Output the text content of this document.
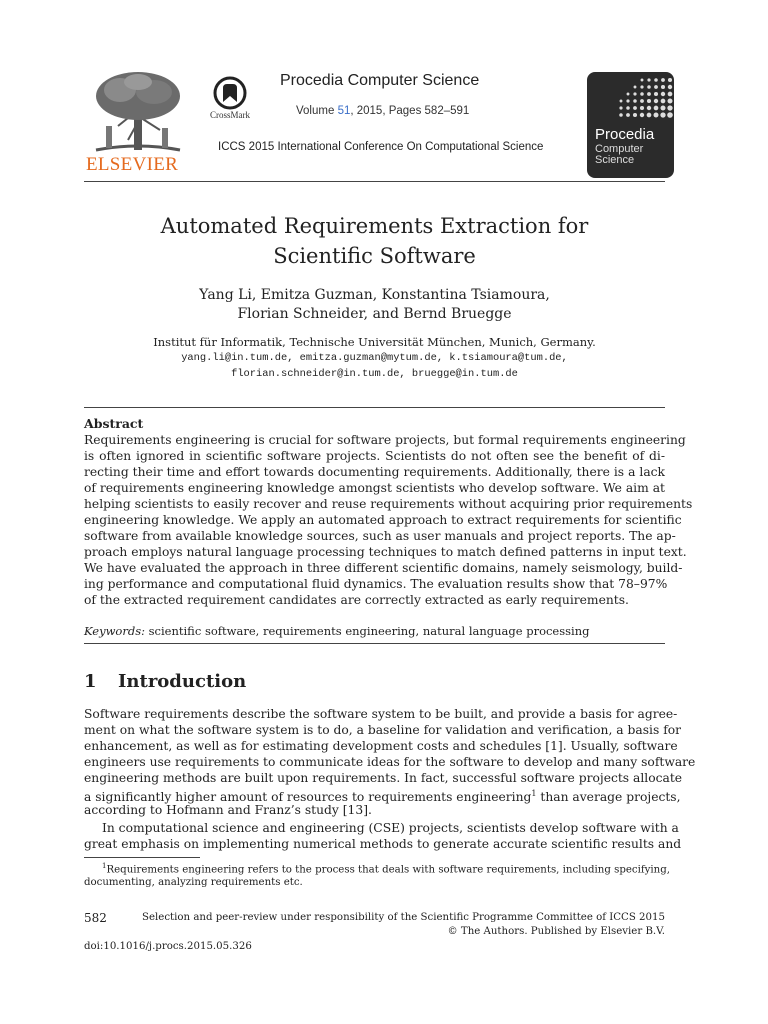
ELSEVIER
CrossMark
Procedia Computer Science
Volume 51, 2015, Pages 582–591
ICCS 2015 International Conference On Computational Science
Procedia
Computer
Science
Automated Requirements Extraction for
Scientific Software
Yang Li, Emitza Guzman, Konstantina Tsiamoura,
Florian Schneider, and Bernd Bruegge
Institut für Informatik, Technische Universität München, Munich, Germany.
yang.li@in.tum.de, emitza.guzman@mytum.de, k.tsiamoura@tum.de,
florian.schneider@in.tum.de, bruegge@in.tum.de
Abstract
Requirements engineering is crucial for software projects, but formal requirements engineering
is often ignored in scientific software projects. Scientists do not often see the benefit of di-
recting their time and effort towards documenting requirements. Additionally, there is a lack
of requirements engineering knowledge amongst scientists who develop software. We aim at
helping scientists to easily recover and reuse requirements without acquiring prior requirements
engineering knowledge. We apply an automated approach to extract requirements for scientific
software from available knowledge sources, such as user manuals and project reports. The ap-
proach employs natural language processing techniques to match defined patterns in input text.
We have evaluated the approach in three different scientific domains, namely seismology, build-
ing performance and computational fluid dynamics. The evaluation results show that 78–97%
of the extracted requirement candidates are correctly extracted as early requirements.
Keywords: scientific software, requirements engineering, natural language processing
1 Introduction
Software requirements describe the software system to be built, and provide a basis for agree-
ment on what the software system is to do, a baseline for validation and verification, a basis for
enhancement, as well as for estimating development costs and schedules [1]. Usually, software
engineers use requirements to communicate ideas for the software to develop and many software
engineering methods are built upon requirements. In fact, successful software projects allocate
a significantly higher amount of resources to requirements engineering$^1$ than average projects,
according to Hofmann and Franz’s study [13].
In computational science and engineering (CSE) projects, scientists develop software with a
great emphasis on implementing numerical methods to generate accurate scientific results and
$^1$Requirements engineering refers to the process that deals with software requirements, including specifying,
documenting, analyzing requirements etc.
582	Selection and peer-review under responsibility of the Scientific Programme Committee of ICCS 2015
© The Authors. Published by Elsevier B.V.
doi:10.1016/j.procs.2015.05.326
